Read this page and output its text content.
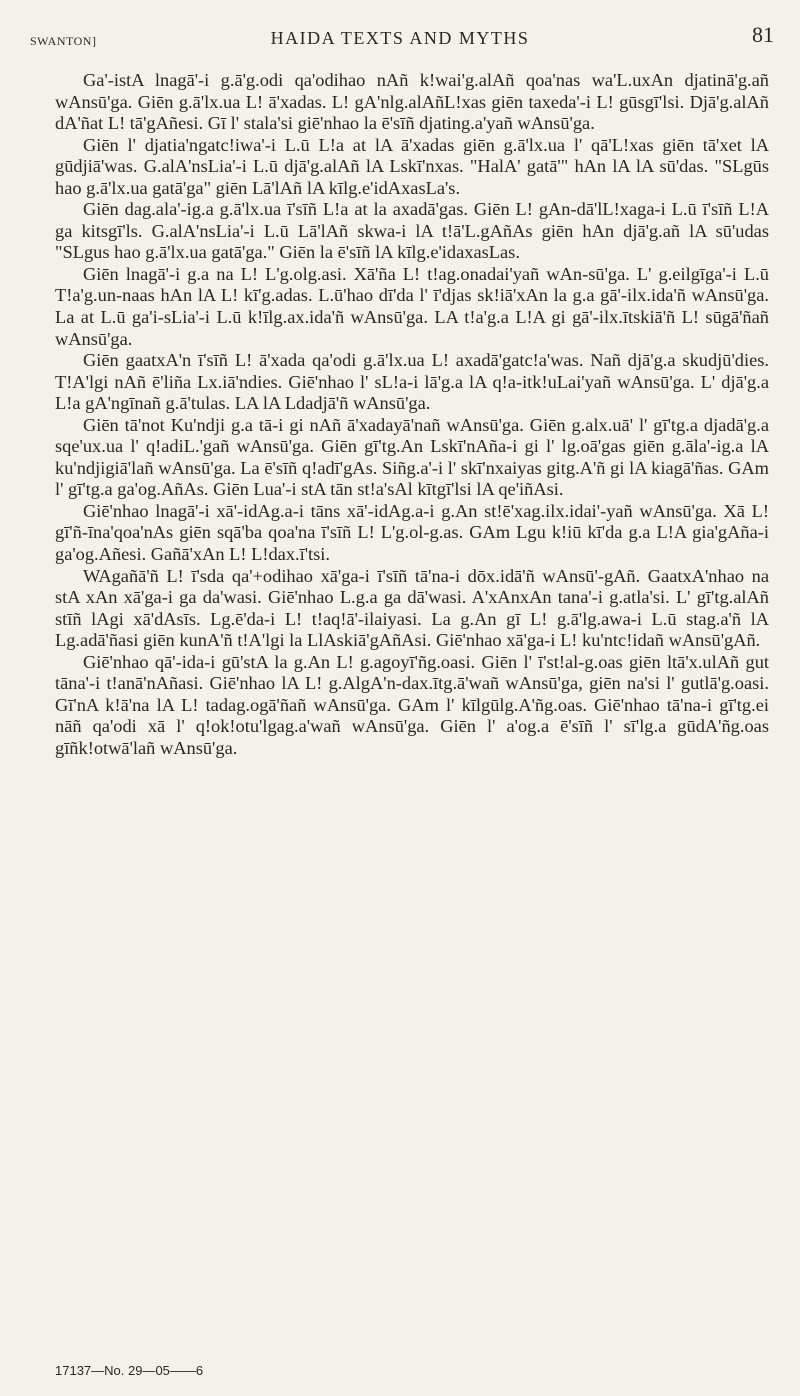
SWANTON]	HAIDA TEXTS AND MYTHS	81

Ga'-istA lnagā'-i g.ā'g.odi qa'odihao nAñ k!wai'g.alAñ qoa'nas wa'L.uxAn djatinā'g.añ wAnsū'ga. Giēn g.ā'lx.ua L! ā'xadas. L! gA'nlg.alAñL!xas giēn taxeda'-i L! gūsgī'lsi. Djā'g.alAñ dA'ñat L! tā'gAñesi. Gī l' stala'si giē'nhao la ē'sīñ djating.a'yañ wAnsū'ga.

Giēn l' djatia'ngatc!iwa'-i L.ū L!a at lA ā'xadas giēn g.ā'lx.ua l' qā'L!xas giēn tā'xet lA gūdjiā'was. G.alA'nsLia'-i L.ū djā'g.alAñ lA Lskī'nxas. "HalA' gatā'" hAn lA lA sū'das. "SLgūs hao g.ā'lx.ua gatā'ga" giēn Lā'lAñ lA kīlg.e'idAxasLa's.

Giēn dag.ala'-ig.a g.ā'lx.ua ī'sīñ L!a at la axadā'gas. Giēn L! gAn-dā'lL!xaga-i L.ū ī'sīñ L!A ga kitsgī'ls. G.alA'nsLia'-i L.ū Lā'lAñ skwa-i lA t!ā'L.gAñAs giēn hAn djā'g.añ lA sū'udas "SLgus hao g.ā'lx.ua gatā'ga." Giēn la ē'sīñ lA kīlg.e'idaxasLas.

Giēn lnagā'-i g.a na L! L'g.olg.asi. Xā'ña L! t!ag.onadai'yañ wAn-sū'ga. L' g.eilgīga'-i L.ū T!a'g.un-naas hAn lA L! kī'g.adas. L.ū'hao dī'da l' ī'djas sk!iā'xAn la g.a gā'-ilx.ida'ñ wAnsū'ga. La at L.ū ga'i-sLia'-i L.ū k!īlg.ax.ida'ñ wAnsū'ga. LA t!a'g.a L!A gi gā'-ilx.ītskiā'ñ L! sūgā'ñañ wAnsū'ga.

Giēn gaatxA'n ī'sīñ L! ā'xada qa'odi g.ā'lx.ua L! axadā'gatc!a'was. Nañ djā'g.a skudjū'dies. T!A'lgi nAñ ē'liña Lx.iā'ndies. Giē'nhao l' sL!a-i lā'g.a lA q!a-itk!uLai'yañ wAnsū'ga. L' djā'g.a L!a gA'ngīnañ g.ā'tulas. LA lA Ldadjā'ñ wAnsū'ga.

Giēn tā'not Ku'ndji g.a tā-i gi nAñ ā'xadayā'nañ wAnsū'ga. Giēn g.alx.uā' l' gī'tg.a djadā'g.a sqe'ux.ua l' q!adiL.'gañ wAnsū'ga. Giēn gī'tg.An Lskī'nAña-i gi l' lg.oā'gas giēn g.āla'-ig.a lA ku'ndjigiā'lañ wAnsū'ga. La ē'sīñ q!adī'gAs. Siñg.a'-i l' skī'nxaiyas gitg.A'ñ gi lA kiagā'ñas. GAm l' gī'tg.a ga'og.AñAs. Giēn Lua'-i stA tān st!a'sAl kītgī'lsi lA qe'iñAsi.

Giē'nhao lnagā'-i xā'-idAg.a-i tāns xā'-idAg.a-i g.An st!ē'xag.ilx.idai'-yañ wAnsū'ga. Xā L! gī'ñ-īna'qoa'nAs giēn sqā'ba qoa'na ī'sīñ L! L'g.ol-g.as. GAm Lgu k!iū kī'da g.a L!A gia'gAña-i ga'og.Añesi. Gañā'xAn L! L!dax.ī'tsi.

WAgañā'ñ L! ī'sda qa'+odihao xā'ga-i ī'sīñ tā'na-i dōx.idā'ñ wAnsū'-gAñ. GaatxA'nhao na stA xAn xā'ga-i ga da'wasi. Giē'nhao L.g.a ga dā'wasi. A'xAnxAn tana'-i g.atla'si. L' gī'tg.alAñ stīñ lAgi xā'dAsīs. Lg.ē'da-i L! t!aq!ā'-ilaiyasi. La g.An gī L! g.ā'lg.awa-i L.ū stag.a'ñ lA Lg.adā'ñasi giēn kunA'ñ t!A'lgi la LlAskiā'gAñAsi. Giē'nhao xā'ga-i L! ku'ntc!idañ wAnsū'gAñ.

Giē'nhao qā'-ida-i gū'stA la g.An L! g.agoyī'ñg.oasi. Giēn l' ī'st!al-g.oas giēn ltā'x.ulAñ gut tāna'-i t!anā'nAñasi. Giē'nhao lA L! g.AlgA'n-dax.ītg.ā'wañ wAnsū'ga, giēn na'si l' gutlā'g.oasi. Gī'nA k!ā'na lA L! tadag.ogā'ñañ wAnsū'ga. GAm l' kīlgūlg.A'ñg.oas. Giē'nhao tā'na-i gī'tg.ei nāñ qa'odi xā l' q!ok!otu'lgag.a'wañ wAnsū'ga. Giēn l' a'og.a ē'sīñ l' sī'lg.a gūdA'ñg.oas gīñk!otwā'lañ wAnsū'ga.

17137—No. 29—05——6
